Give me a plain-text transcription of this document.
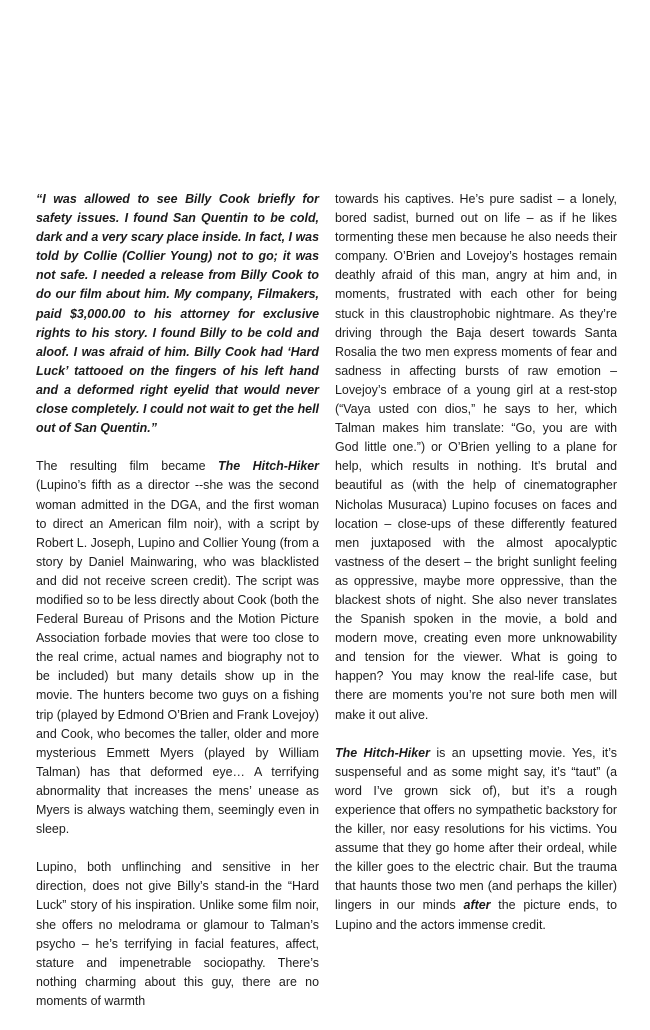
“I was allowed to see Billy Cook briefly for safety issues. I found San Quentin to be cold, dark and a very scary place inside. In fact, I was told by Collie (Collier Young) not to go; it was not safe. I needed a release from Billy Cook to do our film about him. My company, Filmakers, paid $3,000.00 to his attorney for exclusive rights to his story. I found Billy to be cold and aloof. I was afraid of him. Billy Cook had ‘Hard Luck’ tattooed on the fingers of his left hand and a deformed right eyelid that would never close completely. I could not wait to get the hell out of San Quentin.”

The resulting film became The Hitch-Hiker (Lupino’s fifth as a director --she was the second woman admitted in the DGA, and the first woman to direct an American film noir), with a script by Robert L. Joseph, Lupino and Collier Young (from a story by Daniel Mainwaring, who was blacklisted and did not receive screen credit). The script was modified so to be less directly about Cook (both the Federal Bureau of Prisons and the Motion Picture Association forbade movies that were too close to the real crime, actual names and biography not to be included) but many details show up in the movie. The hunters become two guys on a fishing trip (played by Edmond O’Brien and Frank Lovejoy) and Cook, who becomes the taller, older and more mysterious Emmett Myers (played by William Talman) has that deformed eye… A terrifying abnormality that increases the mens’ unease as Myers is always watching them, seemingly even in sleep.

Lupino, both unflinching and sensitive in her direction, does not give Billy’s stand-in the “Hard Luck” story of his inspiration. Unlike some film noir, she offers no melodrama or glamour to Talman’s psycho – he’s terrifying in facial features, affect, stature and impenetrable sociopathy. There’s nothing charming about this guy, there are no moments of warmth

towards his captives. He’s pure sadist – a lonely, bored sadist, burned out on life – as if he likes tormenting these men because he also needs their company. O’Brien and Lovejoy’s hostages remain deathly afraid of this man, angry at him and, in moments, frustrated with each other for being stuck in this claustrophobic nightmare. As they’re driving through the Baja desert towards Santa Rosalia the two men express moments of fear and sadness in affecting bursts of raw emotion – Lovejoy’s embrace of a young girl at a rest-stop (“Vaya usted con dios,” he says to her, which Talman makes him translate: “Go, you are with God little one.”) or O’Brien yelling to a plane for help, which results in nothing. It’s brutal and beautiful as (with the help of cinematographer Nicholas Musuraca) Lupino focuses on faces and location – close-ups of these differently featured men juxtaposed with the almost apocalyptic vastness of the desert – the bright sunlight feeling as oppressive, maybe more oppressive, than the blackest shots of night. She also never translates the Spanish spoken in the movie, a bold and modern move, creating even more unknowability and tension for the viewer. What is going to happen? You may know the real-life case, but there are moments you’re not sure both men will make it out alive.

The Hitch-Hiker is an upsetting movie. Yes, it’s suspenseful and as some might say, it’s “taut” (a word I’ve grown sick of), but it’s a rough experience that offers no sympathetic backstory for the killer, nor easy resolutions for his victims. You assume that they go home after their ordeal, while the killer goes to the electric chair. But the trauma that haunts those two men (and perhaps the killer) lingers in our minds after the picture ends, to Lupino and the actors immense credit.
